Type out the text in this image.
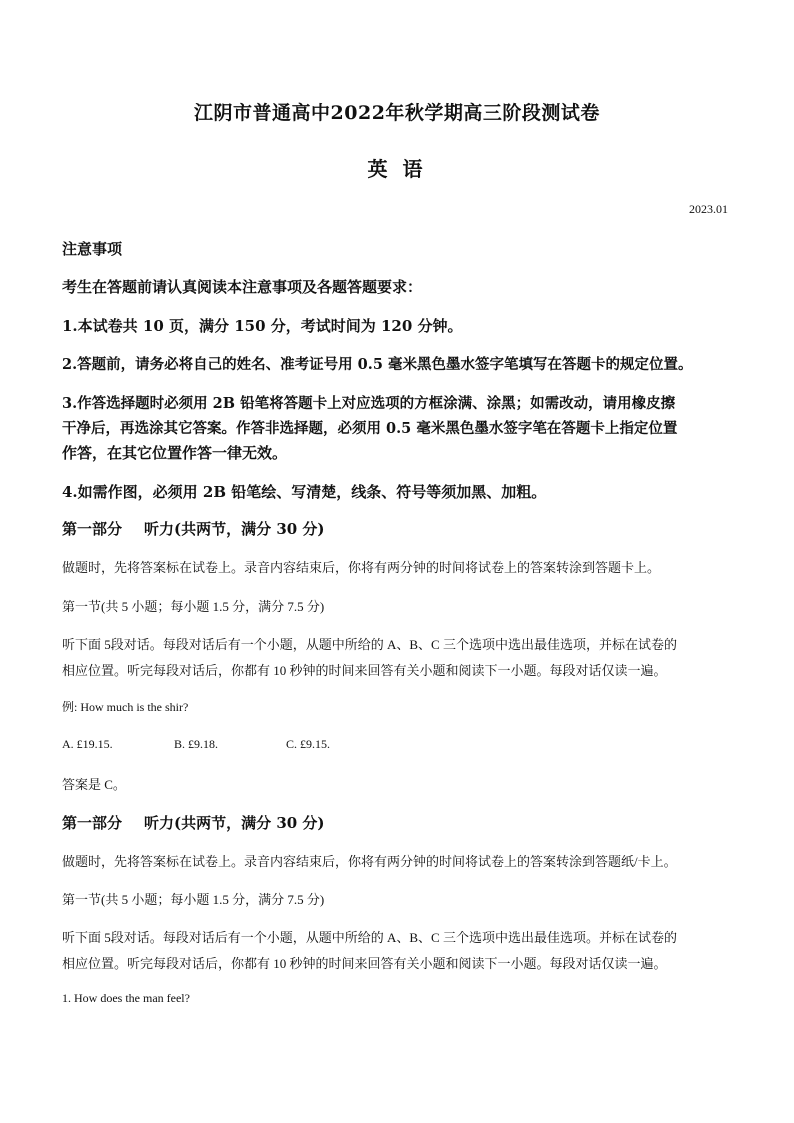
江阴市普通高中2022年秋学期高三阶段测试卷
英 语
2023.01
注意事项
考生在答题前请认真阅读本注意事项及各题答题要求：
1.本试卷共 10 页，满分 150 分，考试时间为 120 分钟。
2.答题前，请务必将自己的姓名、准考证号用 0.5 毫米黑色墨水签字笔填写在答题卡的规定位置。
3.作答选择题时必须用 2B 铅笔将答题卡上对应选项的方框涂满、涂黑；如需改动，请用橡皮擦
干净后，再选涂其它答案。作答非选择题，必须用 0.5 毫米黑色墨水签字笔在答题卡上指定位置
作答，在其它位置作答一律无效。
4.如需作图，必须用 2B 铅笔绘、写清楚，线条、符号等须加黑、加粗。
第一部分 听力(共两节，满分 30 分)
做题时，先将答案标在试卷上。录音内容结束后，你将有两分钟的时间将试卷上的答案转涂到答题卡上。
第一节(共 5 小题；每小题 1.5 分，满分 7.5 分)
听下面 5段对话。每段对话后有一个小题，从题中所给的 A、B、C 三个选项中选出最佳选项，并标在试卷的
相应位置。听完每段对话后，你都有 10 秒钟的时间来回答有关小题和阅读下一小题。每段对话仅读一遍。
例: How much is the shir?
A. £19.15.	B. £9.18.	C. £9.15.
答案是 C。
第一部分 听力(共两节，满分 30 分)
做题时，先将答案标在试卷上。录音内容结束后，你将有两分钟的时间将试卷上的答案转涂到答题纸/卡上。
第一节(共 5 小题；每小题 1.5 分，满分 7.5 分)
听下面 5段对话。每段对话后有一个小题，从题中所给的 A、B、C 三个选项中选出最佳选项。并标在试卷的
相应位置。听完每段对话后，你都有 10 秒钟的时间来回答有关小题和阅读下一小题。每段对话仅读一遍。
1. How does the man feel?
